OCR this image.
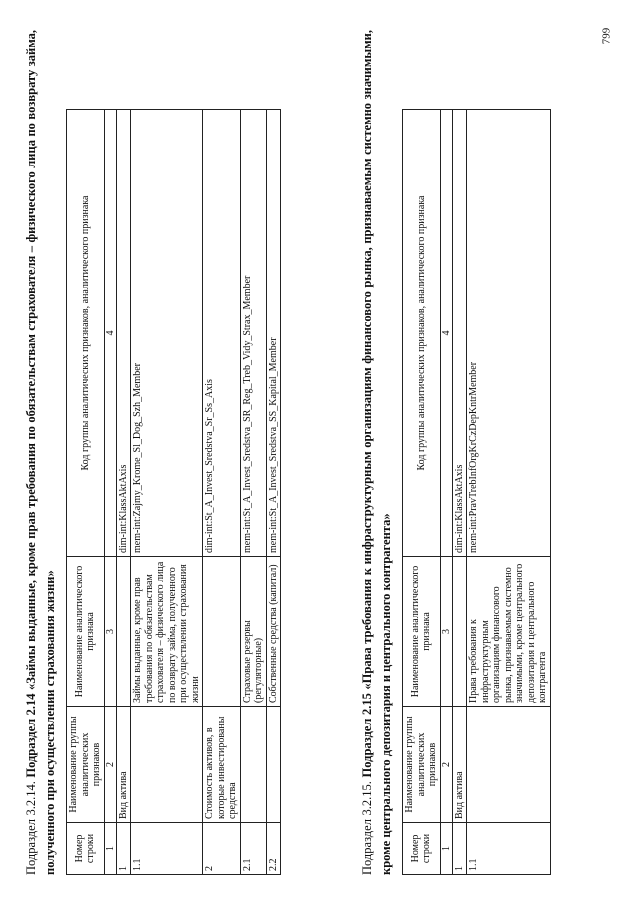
799
Подраздел 3.2.14. Подраздел 2.14 «Займы выданные, кроме прав требования по обязательствам страхователя – физического лица по возврату займа, полученного при осуществлении страхования жизни»	Номер строки	Наименование группы аналитических признаков	Наименование аналитического признака	Код группы аналитических признаков, аналитического признака
1	2	3	4
1	Вид актива		dim-int:KlassAktAxis
1.1		Займы выданные, кроме прав требования по обязательствам страхователя – физического лица по возврату займа, полученного при осуществлении страхования жизни	mem-int:Zajmy_Krome_Sl_Dog_Szh_Member
2	Стоимость активов, в которые инвестированы средства		dim-int:St_A_Invest_Sredstva_Sr_Ss_Axis
2.1		Страховые резервы (регуляторные)	mem-int:St_A_Invest_Sredstva_SR_Reg_Treb_Vidy_Strax_Member
2.2		Собственные средства (капитал)	mem-int:St_A_Invest_Sredstva_SS_Kapital_Member
Подраздел 3.2.15. Подраздел 2.15 «Права требования к инфраструктурным организациям финансового рынка, признаваемым системно значимыми, кроме центрального депозитария и центрального контрагента»	Номер строки	Наименование группы аналитических признаков	Наименование аналитического признака	Код группы аналитических признаков, аналитического признака
1	2	3	4
1	Вид актива		dim-int:KlassAktAxis
1.1		Права требования к инфраструктурным организациям финансового рынка, признаваемым системно значимыми, кроме центрального депозитария и центрального контрагента	mem-int:PravTrebInfOrgKrCzDepKntrMember
